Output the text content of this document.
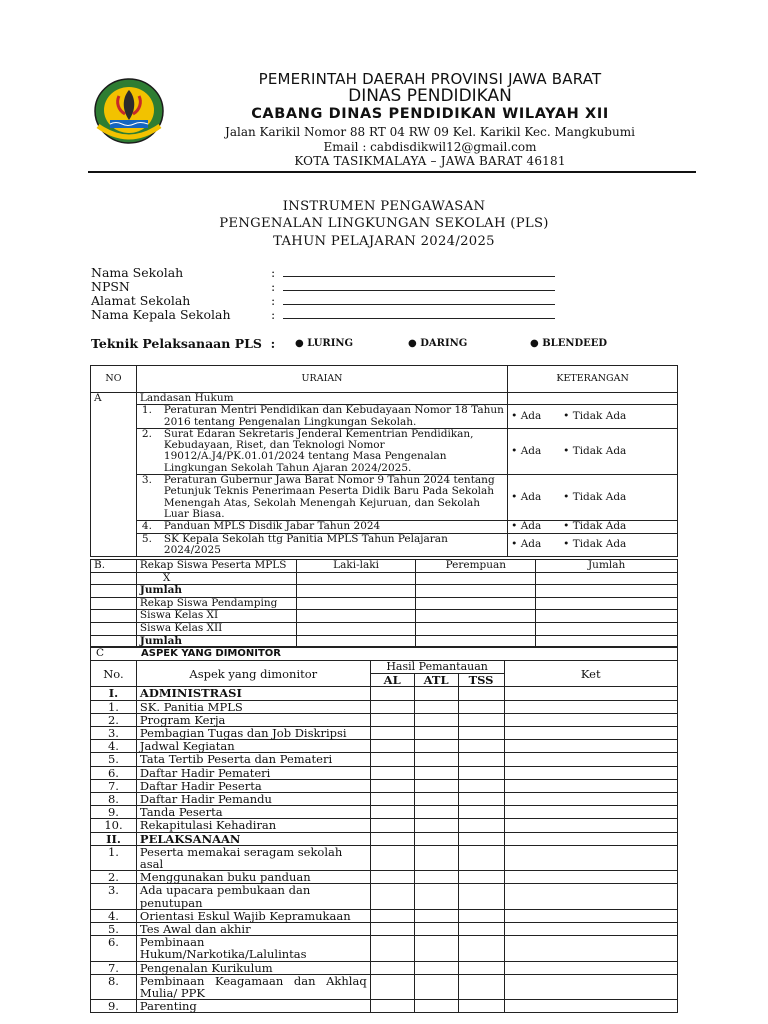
PEMERINTAH DAERAH PROVINSI JAWA BARAT
DINAS PENDIDIKAN
CABANG DINAS PENDIDIKAN WILAYAH XII
Jalan Karikil Nomor 88 RT 04 RW 09 Kel. Karikil Kec. Mangkubumi
Email : cabdisdikwil12@gmail.com
KOTA TASIKMALAYA – JAWA BARAT 46181
INSTRUMEN PENGAWASAN
PENGENALAN LINGKUNGAN SEKOLAH (PLS)
TAHUN PELAJARAN 2024/2025
Nama Sekolah	:
NPSN	:
Alamat Sekolah	:
Nama Kepala Sekolah	:
Teknik Pelaksanaan PLS : ● LURING	● DARING	● BLENDEED
NO	URAIAN	KETERANGAN
A	Landasan Hukum	

	1. Peraturan Mentri Pendidikan dan Kebudayaan Nomor 18 Tahun 2016 tentang Pengenalan Lingkungan Sekolah.	• Ada • Tidak Ada

	2. Surat Edaran Sekretaris Jenderal Kementrian Pendidikan, Kebudayaan, Riset, dan Teknologi Nomor 19012/A.J4/PK.01.01/2024 tentang Masa Pengenalan Lingkungan Sekolah Tahun Ajaran 2024/2025.	• Ada • Tidak Ada

	3. Peraturan Gubernur Jawa Barat Nomor 9 Tahun 2024 tentang Petunjuk Teknis Penerimaan Peserta Didik Baru Pada Sekolah Menengah Atas, Sekolah Menengah Kejuruan, dan Sekolah Luar Biasa.	• Ada • Tidak Ada

	4. Panduan MPLS Disdik Jabar Tahun 2024	• Ada • Tidak Ada

	5. SK Kepala Sekolah ttg Panitia MPLS Tahun Pelajaran 2024/2025	• Ada • Tidak Ada
B.	Rekap Siswa Peserta MPLS	Laki-laki	Perempuan	Jumlah
	X			
	Jumlah			
	Rekap Siswa Pendamping			
	Siswa Kelas XI			
	Siswa Kelas XII			
	Jumlah			
C	ASPEK YANG DIMONITOR
No.	Aspek yang dimonitor	Hasil Pemantauan			Ket
		AL	ATL	TSS	
I.	ADMINISTRASI				
1.	SK. Panitia MPLS				
2.	Program Kerja				
3.	Pembagian Tugas dan Job Diskripsi				
4.	Jadwal Kegiatan				
5.	Tata Tertib Peserta dan Pemateri				
6.	Daftar Hadir Pemateri				
7.	Daftar Hadir Peserta				
8.	Daftar Hadir Pemandu				
9.	Tanda Peserta				
10.	Rekapitulasi Kehadiran				
II.	PELAKSANAAN				
1.	Peserta memakai seragam sekolah asal				
2.	Menggunakan buku panduan				
3.	Ada upacara pembukaan dan penutupan				
4.	Orientasi Eskul Wajib Kepramukaan				
5.	Tes Awal dan akhir				
6.	Pembinaan Hukum/Narkotika/Lalulintas				
7.	Pengenalan Kurikulum				
8.	Pembinaan Keagamaan dan Akhlaq Mulia/ PPK				
9.	Parenting				
